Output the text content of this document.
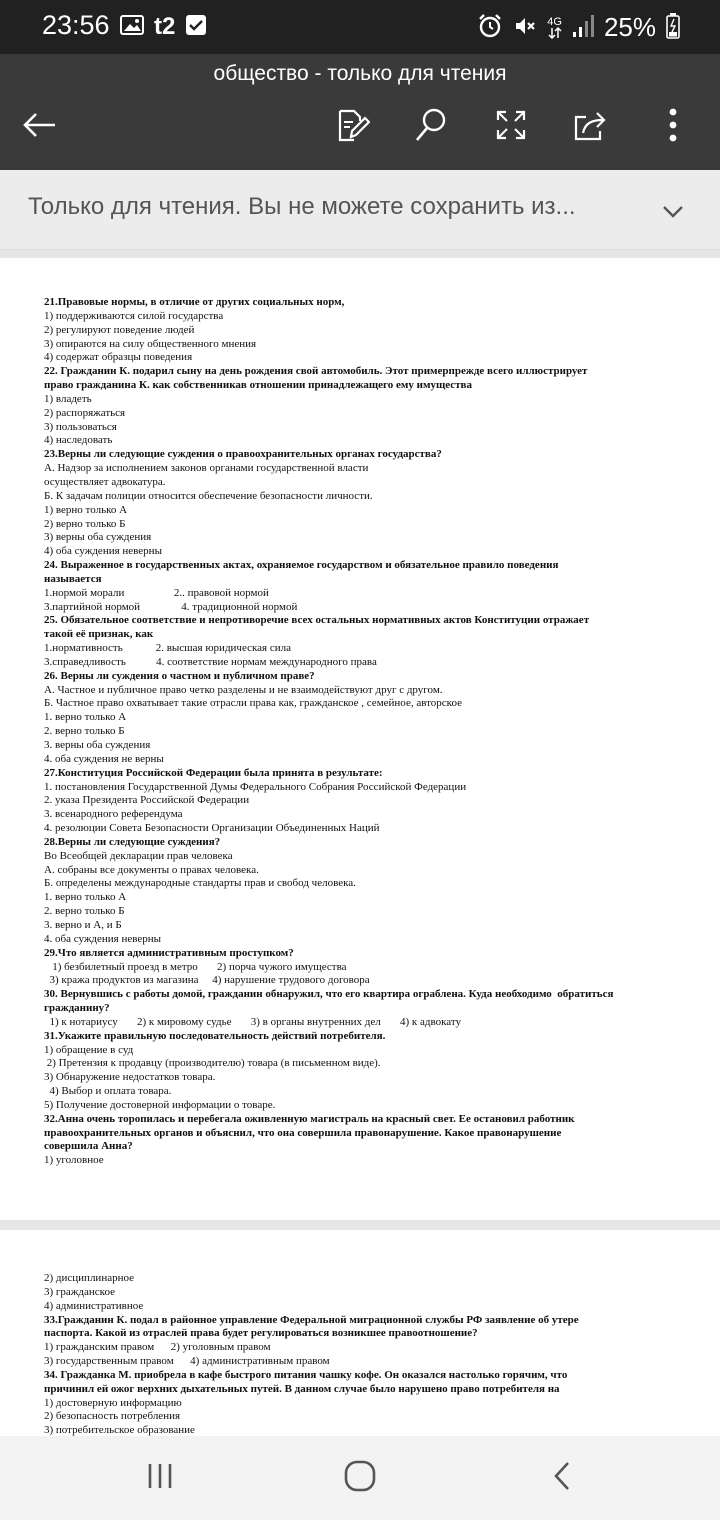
23:56 t2	4G 25%
общество - только для чтения
Только для чтения. Вы не можете сохранить из...
21.Правовые нормы, в отличие от других социальных норм,
1) поддерживаются силой государства
2) регулируют поведение людей
3) опираются на силу общественного мнения
4) содержат образцы поведения
22. Гражданин К. подарил сыну на день рождения свой автомобиль. Этот примерпрежде всего иллюстрирует
право гражданина К. как собственникав отношении принадлежащего ему имущества
1) владеть
2) распоряжаться
3) пользоваться
4) наследовать
23.Верны ли следующие суждения о правоохранительных органах государства?
А. Надзор за исполнением законов органами государственной власти
осуществляет адвокатура.
Б. К задачам полиции относится обеспечение безопасности личности.
1) верно только А
2) верно только Б
3) верны оба суждения
4) оба суждения неверны
24. Выраженное в государственных актах, охраняемое государством и обязательное правило поведения
называется
1.нормой морали                  2.. правовой нормой
3.партийной нормой               4. традиционной нормой
25. Обязательное соответствие и непротиворечие всех остальных нормативных актов Конституции отражает
такой её признак, как
1.нормативность            2. высшая юридическая сила
3.справедливость           4. соответствие нормам международного права
26. Верны ли суждения о частном и публичном праве?
А. Частное и публичное право четко разделены и не взаимодействуют друг с другом.
Б. Частное право охватывает такие отрасли права как, гражданское , семейное, авторское
1. верно только А
2. верно только Б
3. верны оба суждения
4. оба суждения не верны
27.Конституция Российской Федерации была принята в результате:
1. постановления Государственной Думы Федерального Собрания Российской Федерации
2. указа Президента Российской Федерации
3. всенародного референдума
4. резолюции Совета Безопасности Организации Объединенных Наций
28.Верны ли следующие суждения?
Во Всеобщей декларации прав человека
А. собраны все документы о правах человека.
Б. определены международные стандарты прав и свобод человека.
1. верно только А
2. верно только Б
3. верно и А, и Б
4. оба суждения неверны
29.Что является административным проступком?
1) безбилетный проезд в метро       2) порча чужого имущества
3) кража продуктов из магазина     4) нарушение трудового договора
30. Вернувшись с работы домой, гражданин обнаружил, что его квартира ограблена. Куда необходимо  обратиться
гражданину?
1) к нотариусу       2) к мировому судье       3) в органы внутренних дел       4) к адвокату
31.Укажите правильную последовательность действий потребителя.
1) обращение в суд
2) Претензия к продавцу (производителю) товара (в письменном виде).
3) Обнаружение недостатков товара.
4) Выбор и оплата товара.
5) Получение достоверной информации о товаре.
32.Анна очень торопилась и перебегала оживленную магистраль на красный свет. Ее остановил работник
правоохранительных органов и объяснил, что она совершила правонарушение. Какое правонарушение
совершила Анна?
1) уголовное
2) дисциплинарное
3) гражданское
4) административное
33.Гражданин К. подал в районное управление Федеральной миграционной службы РФ заявление об утере
паспорта. Какой из отраслей права будет регулироваться возникшее правоотношение?
1) гражданским правом      2) уголовным правом
3) государственным правом      4) административным правом
34. Гражданка М. приобрела в кафе быстрого питания чашку кофе. Он оказался настолько горячим, что
причинил ей ожог верхних дыхательных путей. В данном случае было нарушено право потребителя на
1) достоверную информацию
2) безопасность потребления
3) потребительское образование
